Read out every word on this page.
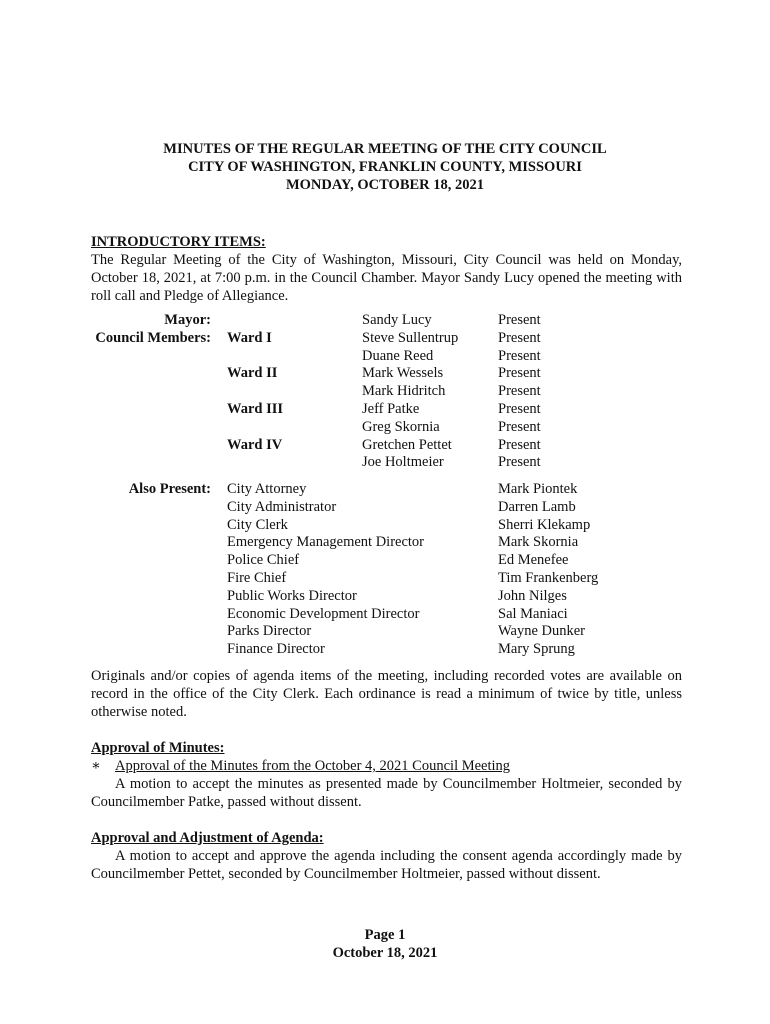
MINUTES OF THE REGULAR MEETING OF THE CITY COUNCIL
CITY OF WASHINGTON, FRANKLIN COUNTY, MISSOURI
MONDAY, OCTOBER 18, 2021
INTRODUCTORY ITEMS:
The Regular Meeting of the City of Washington, Missouri, City Council was held on Monday, October 18, 2021, at 7:00 p.m. in the Council Chamber. Mayor Sandy Lucy opened the meeting with roll call and Pledge of Allegiance.
Mayor:	Sandy Lucy	Present
Council Members: Ward I	Steve Sullentrup	Present
Duane Reed	Present
Ward II	Mark Wessels	Present
Mark Hidritch	Present
Ward III	Jeff Patke	Present
Greg Skornia	Present
Ward IV	Gretchen Pettet	Present
Joe Holtmeier	Present
Also Present: City Attorney	Mark Piontek
City Administrator	Darren Lamb
City Clerk	Sherri Klekamp
Emergency Management Director	Mark Skornia
Police Chief	Ed Menefee
Fire Chief	Tim Frankenberg
Public Works Director	John Nilges
Economic Development Director	Sal Maniaci
Parks Director	Wayne Dunker
Finance Director	Mary Sprung
Originals and/or copies of agenda items of the meeting, including recorded votes are available on record in the office of the City Clerk. Each ordinance is read a minimum of twice by title, unless otherwise noted.
Approval of Minutes:
∗ Approval of the Minutes from the October 4, 2021 Council Meeting
A motion to accept the minutes as presented made by Councilmember Holtmeier, seconded by Councilmember Patke, passed without dissent.
Approval and Adjustment of Agenda:
A motion to accept and approve the agenda including the consent agenda accordingly made by Councilmember Pettet, seconded by Councilmember Holtmeier, passed without dissent.
Page 1
October 18, 2021
